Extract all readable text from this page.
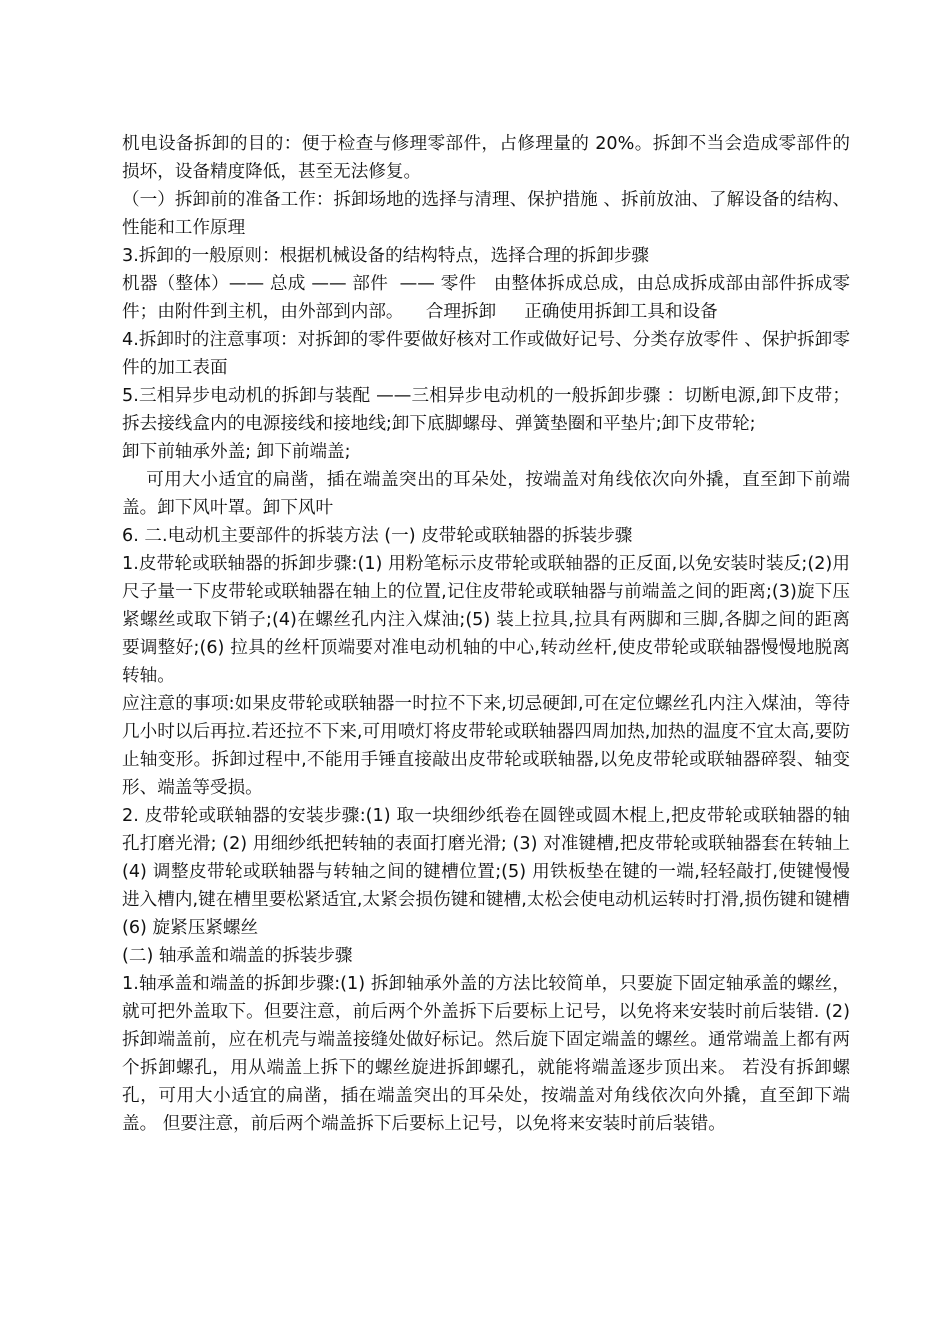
机电设备拆卸的目的：便于检查与修理零部件，占修理量的 20%。拆卸不当会造成零部件的损坏，设备精度降低，甚至无法修复。

（一）拆卸前的准备工作：拆卸场地的选择与清理、保护措施 、拆前放油、了解设备的结构、性能和工作原理

3.拆卸的一般原则：根据机械设备的结构特点，选择合理的拆卸步骤

机器（整体）—— 总成 —— 部件  —— 零件   由整体拆成总成，由总成拆成部由部件拆成零件；由附件到主机，由外部到内部。    合理拆卸     正确使用拆卸工具和设备

4.拆卸时的注意事项：对拆卸的零件要做好核对工作或做好记号、分类存放零件 、保护拆卸零件的加工表面

5.三相异步电动机的拆卸与装配 ——三相异步电动机的一般拆卸步骤 ：切断电源,卸下皮带； 拆去接线盒内的电源接线和接地线;卸下底脚螺母、弹簧垫圈和平垫片;卸下皮带轮;

卸下前轴承外盖; 卸下前端盖;

可用大小适宜的扁凿，插在端盖突出的耳朵处，按端盖对角线依次向外撬，直至卸下前端盖。卸下风叶罩。卸下风叶

6. 二.电动机主要部件的拆装方法 (一) 皮带轮或联轴器的拆装步骤

1.皮带轮或联轴器的拆卸步骤:(1) 用粉笔标示皮带轮或联轴器的正反面,以免安装时装反;(2)用尺子量一下皮带轮或联轴器在轴上的位置,记住皮带轮或联轴器与前端盖之间的距离;(3)旋下压紧螺丝或取下销子;(4)在螺丝孔内注入煤油;(5) 装上拉具,拉具有两脚和三脚,各脚之间的距离要调整好;(6) 拉具的丝杆顶端要对准电动机轴的中心,转动丝杆,使皮带轮或联轴器慢慢地脱离转轴。

应注意的事项:如果皮带轮或联轴器一时拉不下来,切忌硬卸,可在定位螺丝孔内注入煤油，等待几小时以后再拉.若还拉不下来,可用喷灯将皮带轮或联轴器四周加热,加热的温度不宜太高,要防止轴变形。拆卸过程中,不能用手锤直接敲出皮带轮或联轴器,以免皮带轮或联轴器碎裂、轴变形、端盖等受损。

2. 皮带轮或联轴器的安装步骤:(1) 取一块细纱纸卷在圆锉或圆木棍上,把皮带轮或联轴器的轴孔打磨光滑; (2) 用细纱纸把转轴的表面打磨光滑; (3) 对准键槽,把皮带轮或联轴器套在转轴上(4) 调整皮带轮或联轴器与转轴之间的键槽位置;(5) 用铁板垫在键的一端,轻轻敲打,使键慢慢进入槽内,键在槽里要松紧适宜,太紧会损伤键和键槽,太松会使电动机运转时打滑,损伤键和键槽(6) 旋紧压紧螺丝

(二) 轴承盖和端盖的拆装步骤

1.轴承盖和端盖的拆卸步骤:(1) 拆卸轴承外盖的方法比较简单，只要旋下固定轴承盖的螺丝，就可把外盖取下。但要注意，前后两个外盖拆下后要标上记号，以免将来安装时前后装错. (2) 拆卸端盖前，应在机壳与端盖接缝处做好标记。然后旋下固定端盖的螺丝。通常端盖上都有两个拆卸螺孔，用从端盖上拆下的螺丝旋进拆卸螺孔，就能将端盖逐步顶出来。 若没有拆卸螺孔，可用大小适宜的扁凿，插在端盖突出的耳朵处，按端盖对角线依次向外撬，直至卸下端盖。 但要注意，前后两个端盖拆下后要标上记号，以免将来安装时前后装错。
